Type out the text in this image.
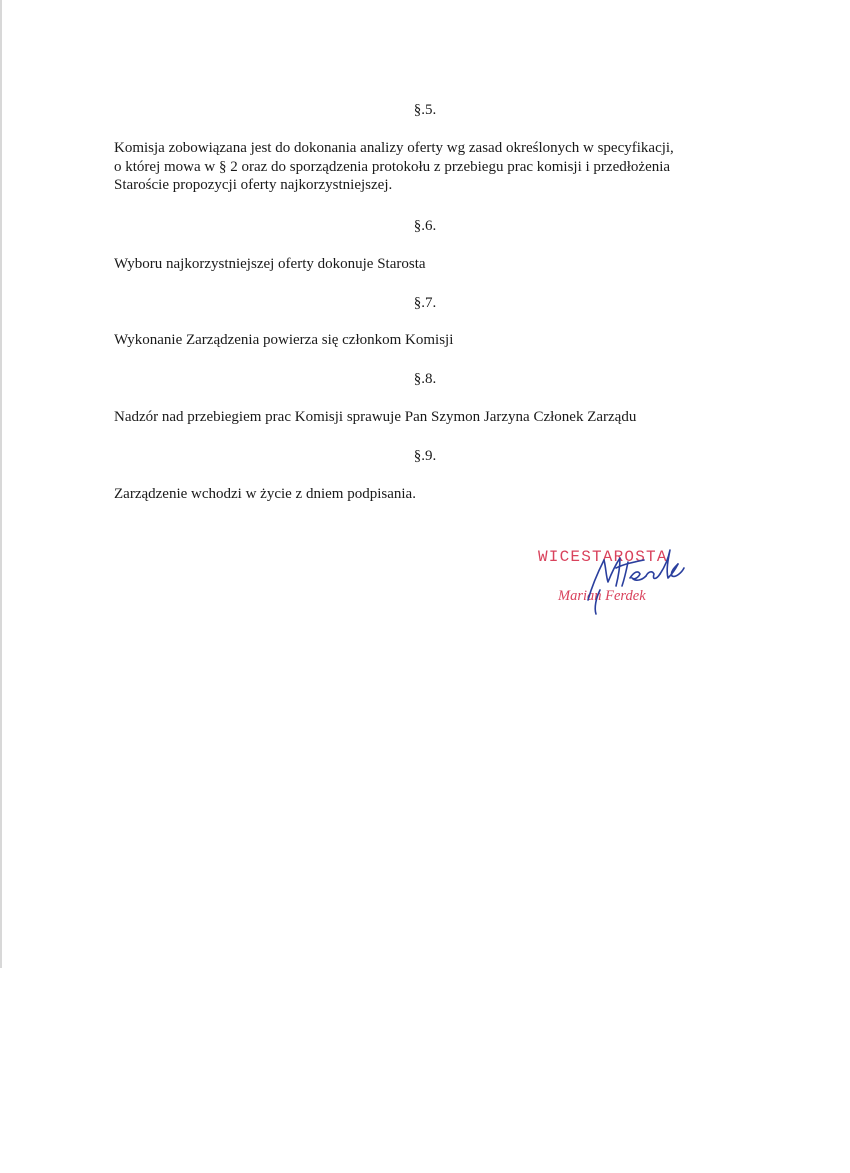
§.5.

Komisja zobowiązana jest do dokonania analizy oferty wg zasad określonych w specyfikacji,
o której mowa w § 2 oraz do sporządzenia protokołu z przebiegu prac komisji i przedłożenia
Staroście propozycji oferty najkorzystniejszej.

§.6.

Wyboru najkorzystniejszej oferty dokonuje Starosta

§.7.

Wykonanie Zarządzenia powierza się członkom Komisji

§.8.

Nadzór nad przebiegiem prac Komisji sprawuje Pan Szymon Jarzyna Członek Zarządu

§.9.

Zarządzenie wchodzi w życie z dniem podpisania.

WICESTAROSTA
Marian Ferdek
